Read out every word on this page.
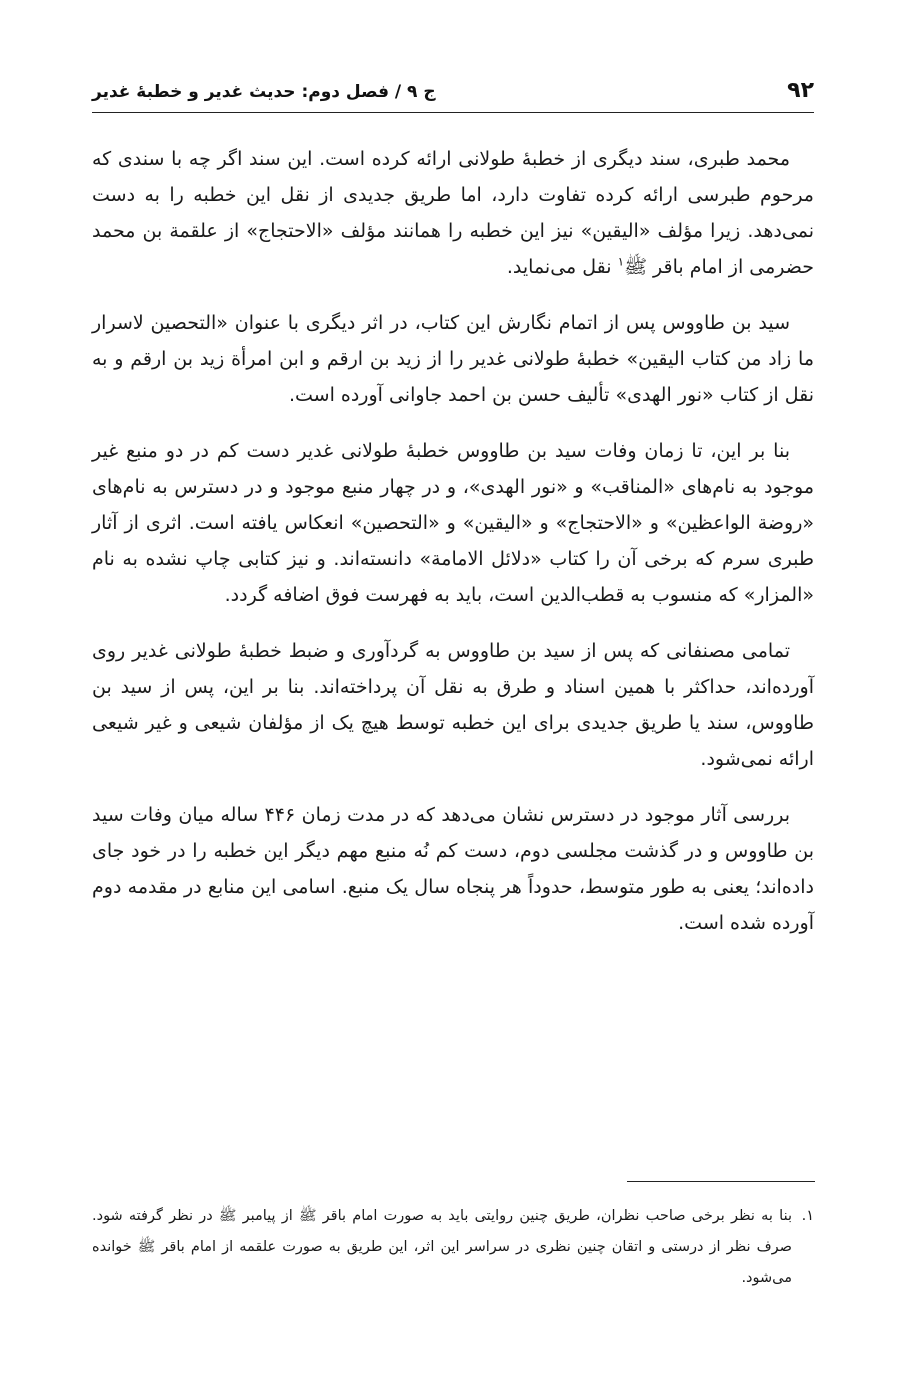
۹۲
ج ۹ / فصل دوم: حدیث غدیر و خطبهٔ غدیر

محمد طبری، سند دیگری از خطبهٔ طولانی ارائه کرده است. این سند اگر چه با سندی که مرحوم طبرسی ارائه کرده تفاوت دارد، اما طریق جدیدی از نقل این خطبه را به دست نمی‌دهد. زیرا مؤلف «الیقین» نیز این خطبه را همانند مؤلف «الاحتجاج» از علقمة بن محمد حضرمی از امام باقر ﷺ$^۱$ نقل می‌نماید.

سید بن طاووس پس از اتمام نگارش این کتاب، در اثر دیگری با عنوان «التحصین لاسرار ما زاد من کتاب الیقین» خطبهٔ طولانی غدیر را از زید بن ارقم و ابن امرأة زید بن ارقم و به نقل از کتاب «نور الهدی» تألیف حسن بن احمد جاوانی آورده است.

بنا بر این، تا زمان وفات سید بن طاووس خطبهٔ طولانی غدیر دست کم در دو منبع غیر موجود به نام‌های «المناقب» و «نور الهدی»، و در چهار منبع موجود و در دسترس به نام‌های «روضة الواعظین» و «الاحتجاج» و «الیقین» و «التحصین» انعکاس یافته است. اثری از آثار طبری سرم که برخی آن را کتاب «دلائل الامامة» دانسته‌اند. و نیز کتابی چاپ نشده به نام «المزار» که منسوب به قطب‌الدین است، باید به فهرست فوق اضافه گردد.

تمامی مصنفانی که پس از سید بن طاووس به گردآوری و ضبط خطبهٔ طولانی غدیر روی آورده‌اند، حداکثر با همین اسناد و طرق به نقل آن پرداخته‌اند. بنا بر این، پس از سید بن طاووس، سند یا طریق جدیدی برای این خطبه توسط هیچ یک از مؤلفان شیعی و غیر شیعی ارائه نمی‌شود.

بررسی آثار موجود در دسترس نشان می‌دهد که در مدت زمان ۴۴۶ ساله میان وفات سید بن طاووس و در گذشت مجلسی دوم، دست کم نُه منبع مهم دیگر این خطبه را در خود جای داده‌اند؛ یعنی به طور متوسط، حدوداً هر پنجاه سال یک منبع. اسامی این منابع در مقدمه دوم آورده شده است.

۱.
بنا به نظر برخی صاحب نظران، طریق چنین روایتی باید به صورت امام باقر ﷺ از پیامبر ﷺ در نظر گرفته شود. صرف نظر از درستی و اتقان چنین نظری در سراسر این اثر، این طریق به صورت علقمه از امام باقر ﷺ خوانده می‌شود.
